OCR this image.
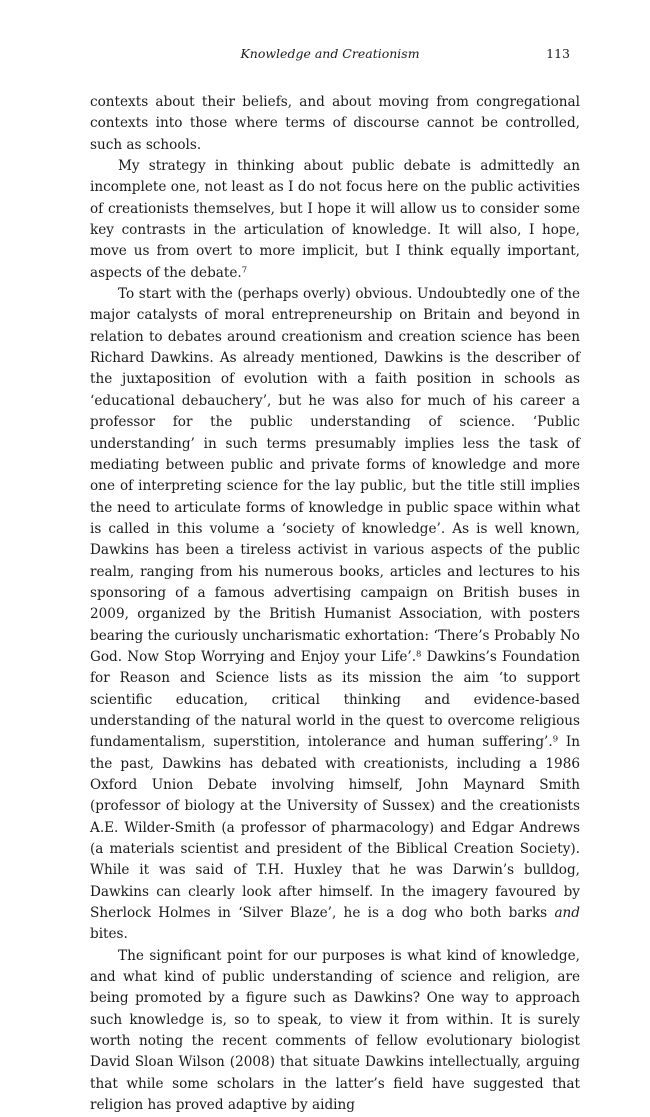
Knowledge and Creationism	113

contexts about their beliefs, and about moving from congregational contexts into those where terms of discourse cannot be controlled, such as schools.

My strategy in thinking about public debate is admittedly an incomplete one, not least as I do not focus here on the public activities of creationists themselves, but I hope it will allow us to consider some key contrasts in the articulation of knowledge. It will also, I hope, move us from overt to more implicit, but I think equally important, aspects of the debate.$^7$

To start with the (perhaps overly) obvious. Undoubtedly one of the major catalysts of moral entrepreneurship on Britain and beyond in relation to debates around creationism and creation science has been Richard Dawkins. As already mentioned, Dawkins is the describer of the juxtaposition of evolution with a faith position in schools as ‘educational debauchery’, but he was also for much of his career a professor for the public understanding of science. ‘Public understanding’ in such terms presumably implies less the task of mediating between public and private forms of knowledge and more one of interpreting science for the lay public, but the title still implies the need to articulate forms of knowledge in public space within what is called in this volume a ‘society of knowledge’. As is well known, Dawkins has been a tireless activist in various aspects of the public realm, ranging from his numerous books, articles and lectures to his sponsoring of a famous advertising campaign on British buses in 2009, organized by the British Humanist Association, with posters bearing the curiously uncharismatic exhortation: ‘There’s Probably No God. Now Stop Worrying and Enjoy your Life’.$^8$ Dawkins’s Foundation for Reason and Science lists as its mission the aim ‘to support scientific education, critical thinking and evidence-based understanding of the natural world in the quest to overcome religious fundamentalism, superstition, intolerance and human suffering’.$^9$ In the past, Dawkins has debated with creationists, including a 1986 Oxford Union Debate involving himself, John Maynard Smith (professor of biology at the University of Sussex) and the creationists A.E. Wilder-Smith (a professor of pharmacology) and Edgar Andrews (a materials scientist and president of the Biblical Creation Society). While it was said of T.H. Huxley that he was Darwin’s bulldog, Dawkins can clearly look after himself. In the imagery favoured by Sherlock Holmes in ‘Silver Blaze’, he is a dog who both barks and bites.

The significant point for our purposes is what kind of knowledge, and what kind of public understanding of science and religion, are being promoted by a figure such as Dawkins? One way to approach such knowledge is, so to speak, to view it from within. It is surely worth noting the recent comments of fellow evolutionary biologist David Sloan Wilson (2008) that situate Dawkins intellectually, arguing that while some scholars in the latter’s field have suggested that religion has proved adaptive by aiding
